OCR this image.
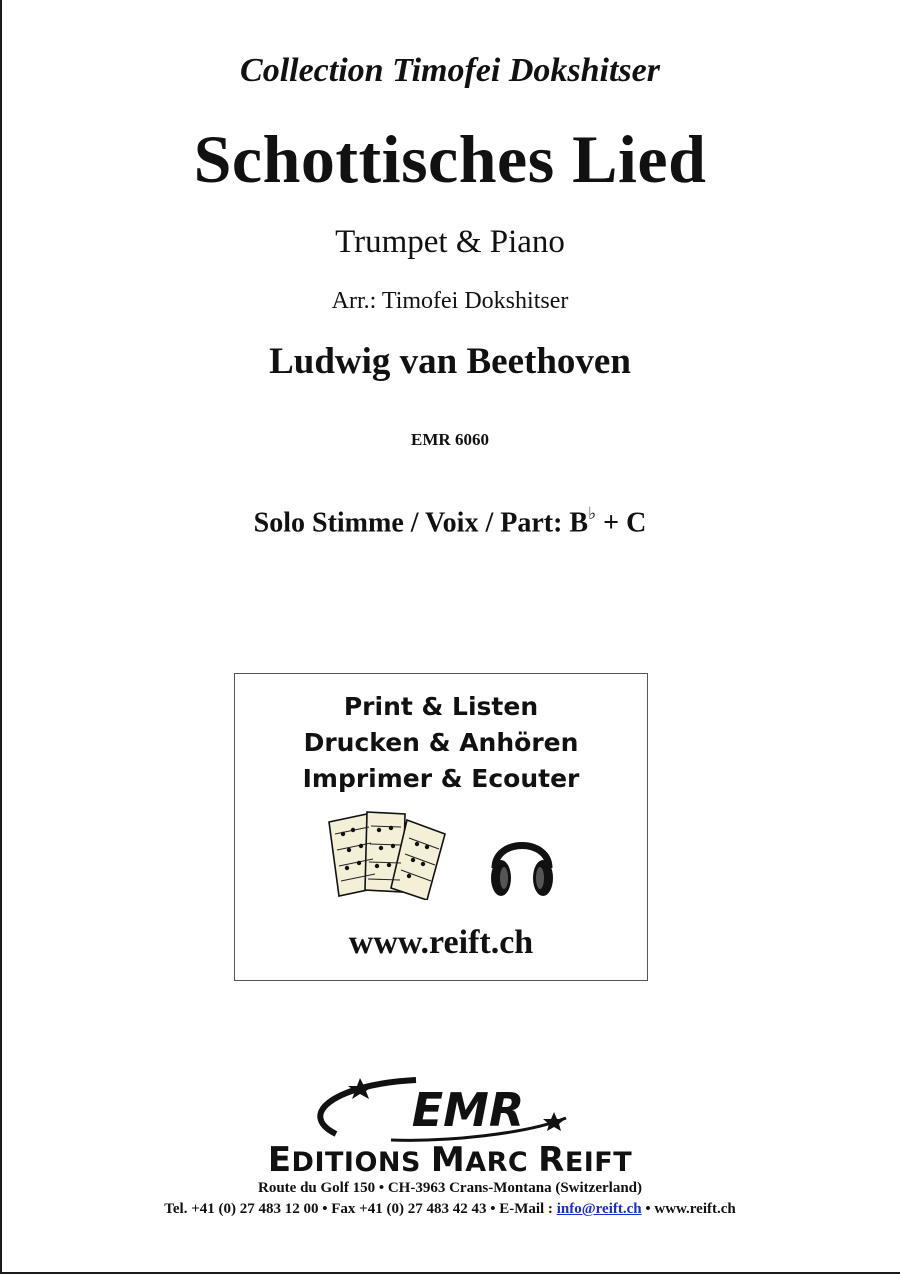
Collection Timofei Dokshitser
Schottisches Lied
Trumpet & Piano
Arr.: Timofei Dokshitser
Ludwig van Beethoven
EMR 6060
Solo Stimme / Voix / Part: B♭ + C
Print & Listen
Drucken & Anhören
Imprimer & Ecouter
www.reift.ch
EMR
EDITIONS MARC REIFT
Route du Golf 150 • CH-3963 Crans-Montana (Switzerland)
Tel. +41 (0) 27 483 12 00 • Fax +41 (0) 27 483 42 43 • E-Mail : info@reift.ch • www.reift.ch
